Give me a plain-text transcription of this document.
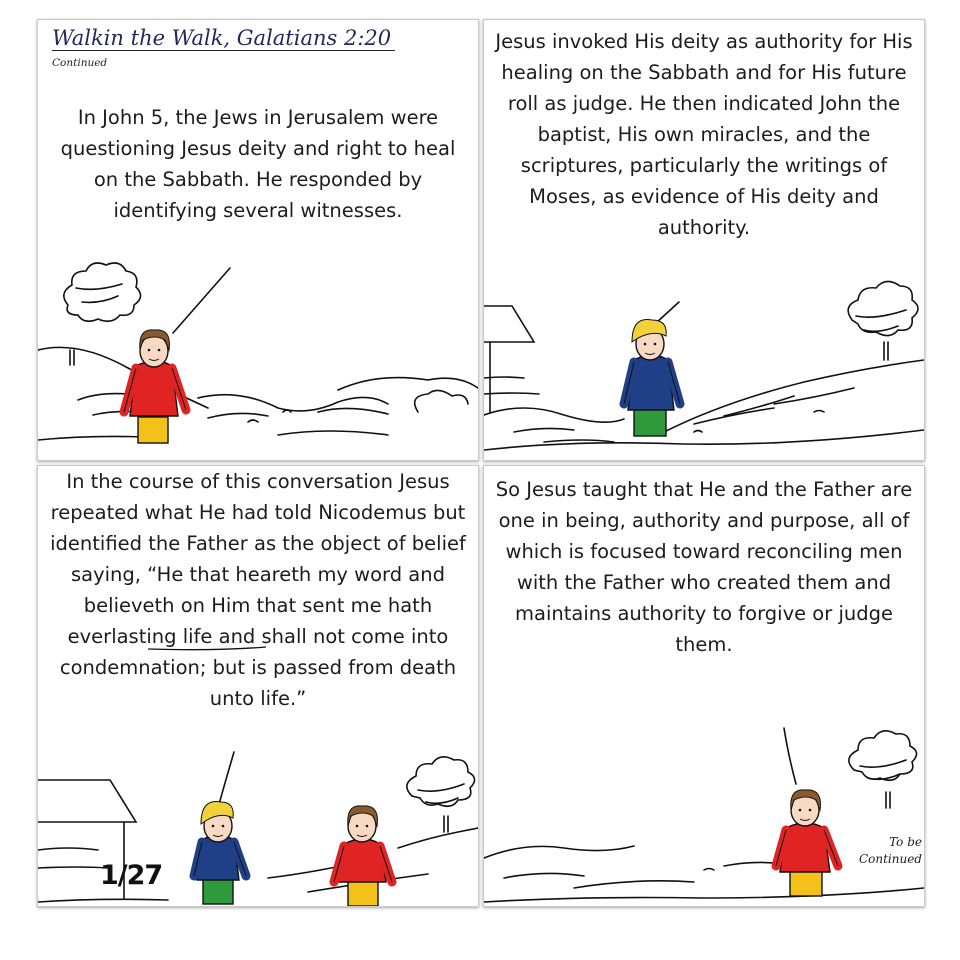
Walkin the Walk, Galatians 2:20
Continued
In John 5, the Jews in Jerusalem were questioning Jesus deity and right to heal on the Sabbath. He responded by identifying several witnesses.
Jesus invoked His deity as authority for His healing on the Sabbath and for His future roll as judge. He then indicated John the baptist, His own miracles, and the scriptures, particularly the writings of Moses, as evidence of His deity and authority.
In the course of this conversation Jesus repeated what He had told Nicodemus but identified the Father as the object of belief saying, “He that heareth my word and believeth on Him that sent me hath everlasting life and shall not come into condemnation; but is passed from death unto life.”
1/27
So Jesus taught that He and the Father are one in being, authority and purpose, all of which is focused toward reconciling men with the Father who created them and maintains authority to forgive or judge them.
To be
Continued
